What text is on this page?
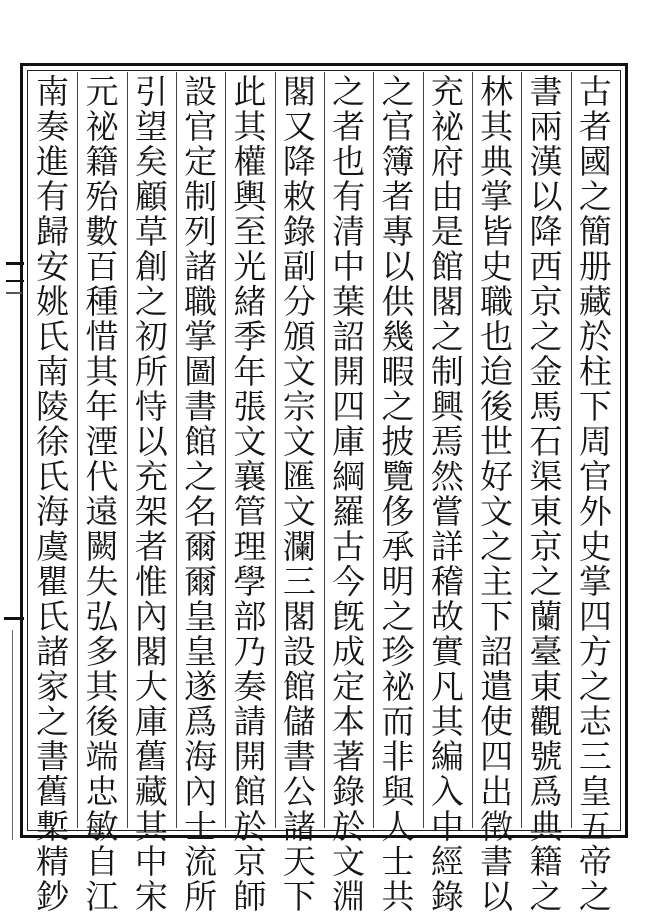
古
者
國
之
簡
册
藏
於
柱
下
周
官
外
史
掌
四
方
之
志
三
皇
五
帝
之
書
兩
漢
以
降
西
京
之
金
馬
石
渠
東
京
之
蘭
臺
東
觀
號
爲
典
籍
之
林
其
典
掌
皆
史
職
也
迨
後
世
好
文
之
主
下
詔
遣
使
四
出
徵
書
以
充
祕
府
由
是
館
閣
之
制
興
焉
然
嘗
詳
稽
故
實
凡
其
編
入
中
經
錄
之
官
簿
者
專
以
供
幾
暇
之
披
覽
侈
承
明
之
珍
祕
而
非
與
人
士
共
之
者
也
有
清
中
葉
詔
開
四
庫
綱
羅
古
今
旣
成
定
本
著
錄
於
文
淵
閣
又
降
敕
錄
副
分
頒
文
宗
文
匯
文
瀾
三
閣
設
館
儲
書
公
諸
天
下
此
其
權
輿
至
光
緒
季
年
張
文
襄
管
理
學
部
乃
奏
請
開
館
於
京
師
設
官
定
制
列
諸
職
掌
圖
書
館
之
名
爾
爾
皇
皇
遂
爲
海
內
士
流
所
引
望
矣
顧
草
創
之
初
所
恃
以
充
架
者
惟
內
閣
大
庫
舊
藏
其
中
宋
元
祕
籍
殆
數
百
種
惜
其
年
湮
代
遠
闕
失
弘
多
其
後
端
忠
敏
自
江
南
奏
進
有
歸
安
姚
氏
南
陵
徐
氏
海
虞
瞿
氏
諸
家
之
書
舊
槧
精
鈔
